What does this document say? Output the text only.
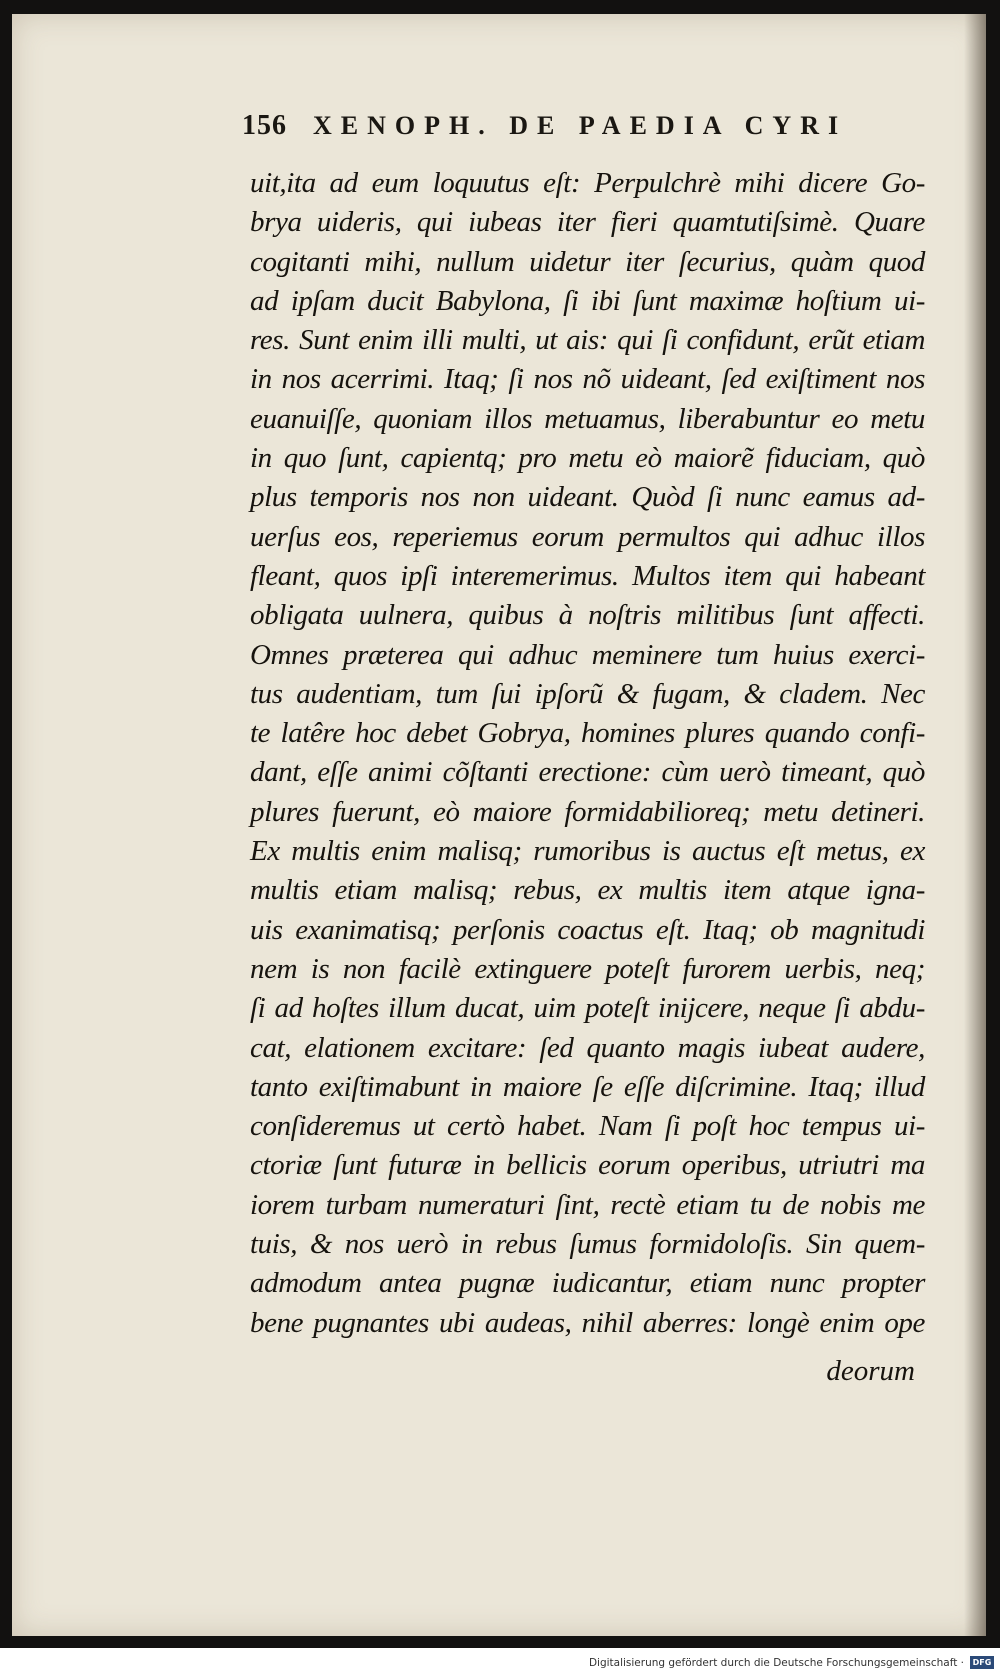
156 XENOPH. DE PAEDIA CYRI
uit,ita ad eum loquutus eſt: Perpulchrè mihi dicere Go-
brya uideris, qui iubeas iter fieri quamtutiſsimè. Quare
cogitanti mihi, nullum uidetur iter ſecurius, quàm quod
ad ipſam ducit Babylona, ſi ibi ſunt maximæ hoſtium ui-
res. Sunt enim illi multi, ut ais: qui ſi confidunt, erũt etiam
in nos acerrimi. Itaq; ſi nos nõ uideant, ſed exiſtiment nos
euanuiſſe, quoniam illos metuamus, liberabuntur eo metu
in quo ſunt, capientq; pro metu eò maiorẽ fiduciam, quò
plus temporis nos non uideant. Quòd ſi nunc eamus ad-
uerſus eos, reperiemus eorum permultos qui adhuc illos
fleant, quos ipſi interemerimus. Multos item qui habeant
obligata uulnera, quibus à noſtris militibus ſunt affecti.
Omnes præterea qui adhuc meminere tum huius exerci-
tus audentiam, tum ſui ipſorũ & fugam, & cladem. Nec
te latêre hoc debet Gobrya, homines plures quando confi-
dant, eſſe animi cõſtanti erectione: cùm uerò timeant, quò
plures fuerunt, eò maiore formidabilioreq; metu detineri.
Ex multis enim malisq; rumoribus is auctus eſt metus, ex
multis etiam malisq; rebus, ex multis item atque ignа-
uis exanimatisq; perſonis coactus eſt. Itaq; ob magnitudi
nem is non facilè extinguere poteſt furorem uerbis, neq;
ſi ad hoſtes illum ducat, uim poteſt inijcere, neque ſi abdu-
cat, elationem excitare: ſed quanto magis iubeat audere,
tanto exiſtimabunt in maiore ſe eſſe diſcrimine. Itaq; illud
conſideremus ut certò habet. Nam ſi poſt hoc tempus ui-
ctoriæ ſunt futuræ in bellicis eorum operibus, utriutri ma
iorem turbam numeraturi ſint, rectè etiam tu de nobis me
tuis, & nos uerò in rebus ſumus formidoloſis. Sin quem-
admodum antea pugnæ iudicantur, etiam nunc propter
bene pugnantes ubi audeas, nihil aberres: longè enim ope
deorum
Digitalisierung gefördert durch die Deutsche Forschungsgemeinschaft ·	DFG
